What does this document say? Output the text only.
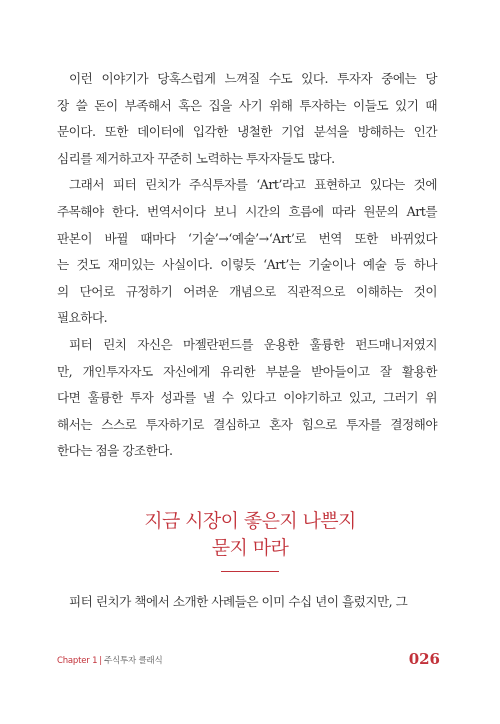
이런 이야기가 당혹스럽게 느껴질 수도 있다. 투자자 중에는 당
장 쓸 돈이 부족해서 혹은 집을 사기 위해 투자하는 이들도 있기 때
문이다. 또한 데이터에 입각한 냉철한 기업 분석을 방해하는 인간
심리를 제거하고자 꾸준히 노력하는 투자자들도 많다.

그래서 피터 린치가 주식투자를 ‘Art’라고 표현하고 있다는 것에
주목해야 한다. 번역서이다 보니 시간의 흐름에 따라 원문의 Art를
판본이 바뀔 때마다 ‘기술’→‘예술’→‘Art’로 번역 또한 바뀌었다
는 것도 재미있는 사실이다. 이렇듯 ‘Art’는 기술이나 예술 등 하나
의 단어로 규정하기 어려운 개념으로 직관적으로 이해하는 것이
필요하다.

피터 린치 자신은 마젤란펀드를 운용한 훌륭한 펀드매니저였지
만, 개인투자자도 자신에게 유리한 부분을 받아들이고 잘 활용한
다면 훌륭한 투자 성과를 낼 수 있다고 이야기하고 있고, 그러기 위
해서는 스스로 투자하기로 결심하고 혼자 힘으로 투자를 결정해야
한다는 점을 강조한다.

지금 시장이 좋은지 나쁜지
묻지 마라
피터 린치가 책에서 소개한 사례들은 이미 수십 년이 흘렀지만, 그
Chapter 1 | 주식투자 클래식	026
